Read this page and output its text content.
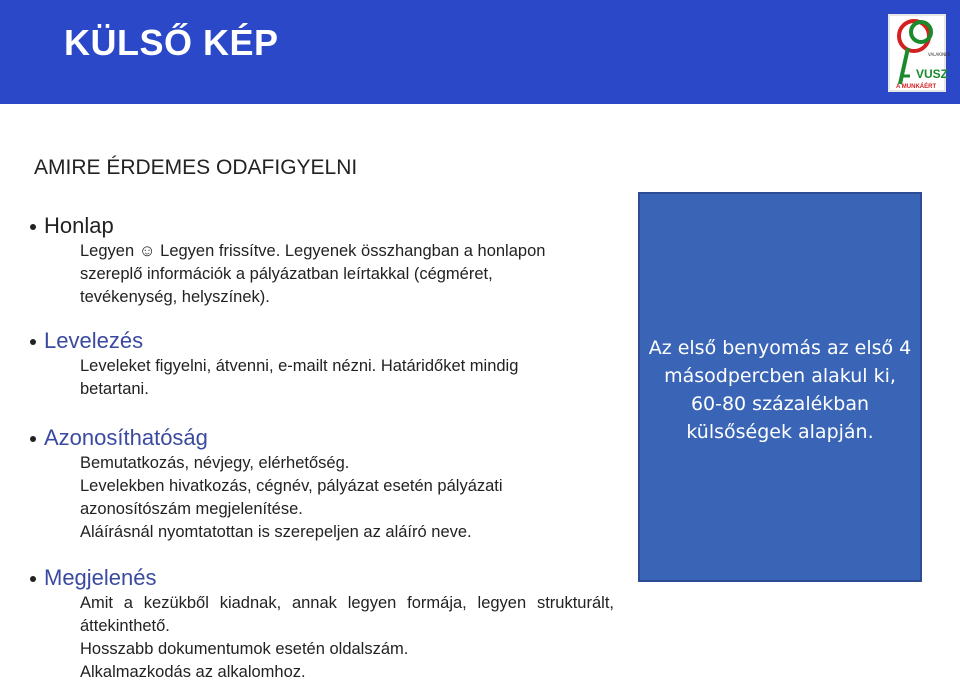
KÜLSŐ KÉP	VALAKINEK
VUSZ
A MUNKÁÉRT
AMIRE ÉRDEMES ODAFIGYELNI
Honlap
Legyen ☺ Legyen frissítve. Legyenek összhangban a honlapon
szereplő információk a pályázatban leírtakkal (cégméret,
tevékenység, helyszínek).
Levelezés
Leveleket figyelni, átvenni, e-mailt nézni. Határidőket mindig
betartani.
Azonosíthatóság
Bemutatkozás, névjegy, elérhetőség.
Levelekben hivatkozás, cégnév, pályázat esetén pályázati
azonosítószám megjelenítése.
Aláírásnál nyomtatottan is szerepeljen az aláíró neve.
Megjelenés
Amit a kezükből kiadnak, annak legyen formája, legyen strukturált, áttekinthető.
Hosszabb dokumentumok esetén oldalszám.
Alkalmazkodás az alkalomhoz.
Az első benyomás az első 4 másodpercben alakul ki, 60-80 százalékban külsőségek alapján.
